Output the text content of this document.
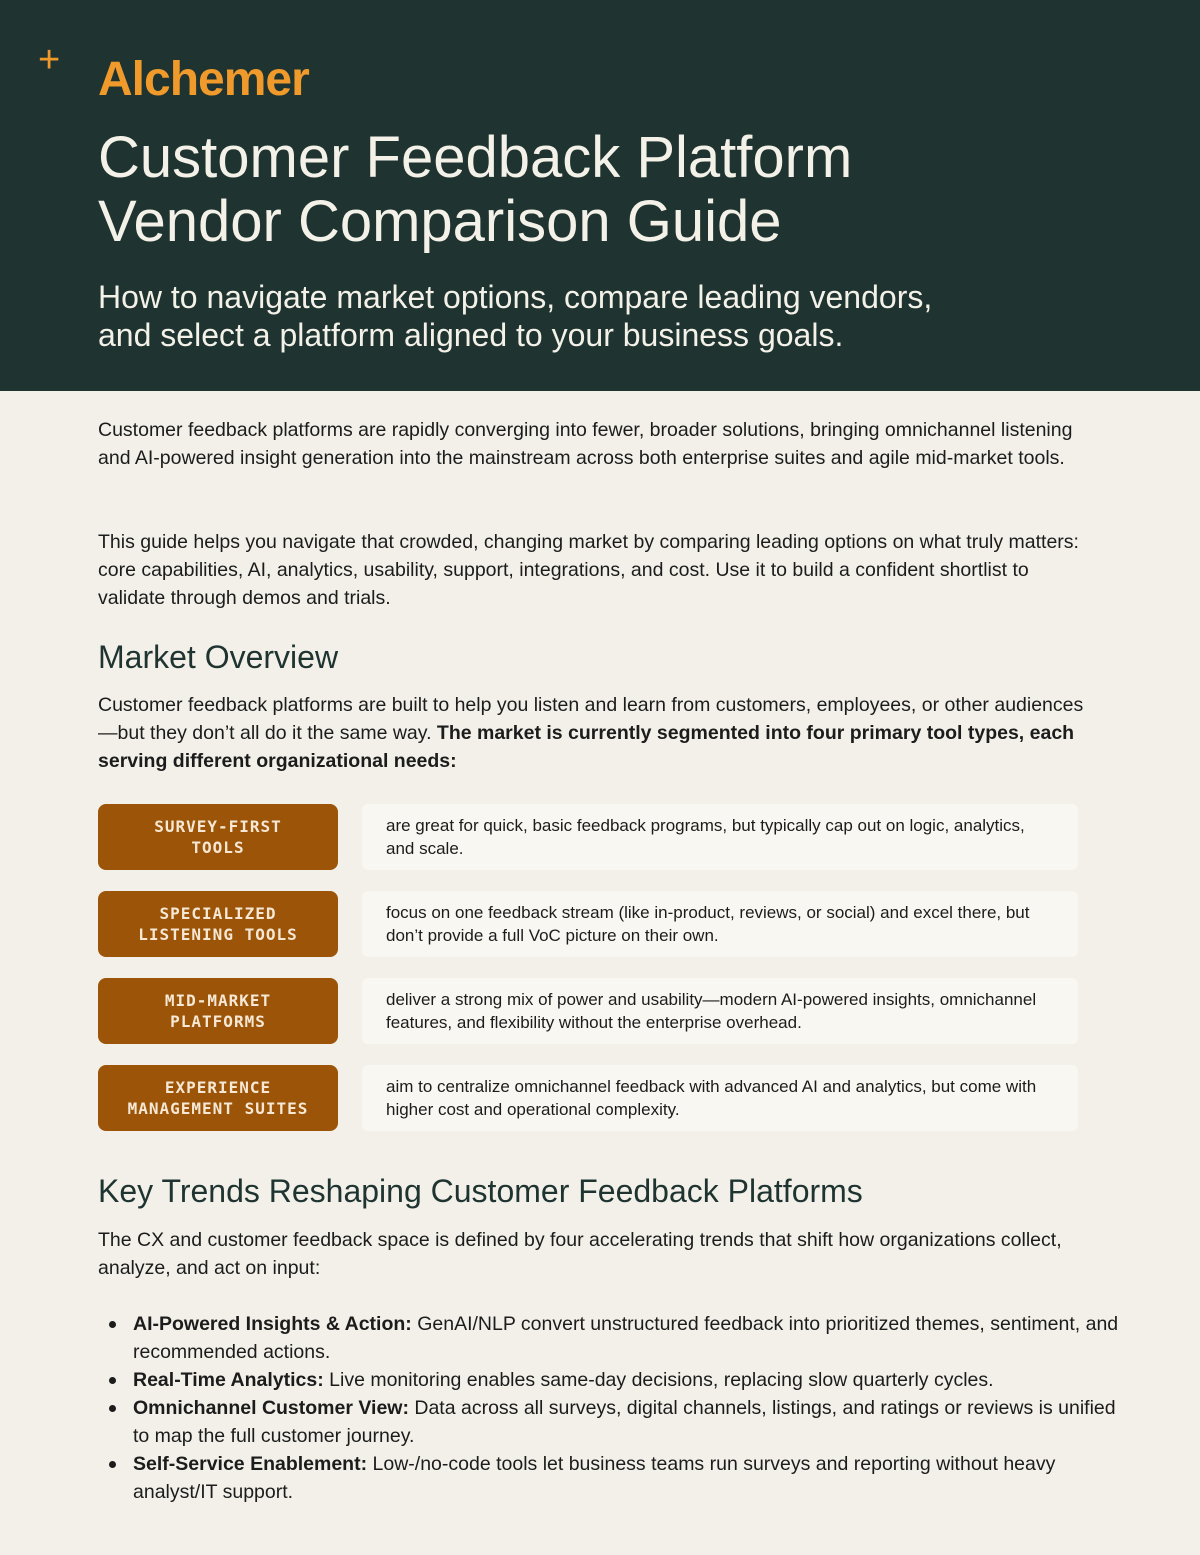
+ Alchemer
Customer Feedback Platform
Vendor Comparison Guide

How to navigate market options, compare leading vendors,
and select a platform aligned to your business goals.

Customer feedback platforms are rapidly converging into fewer, broader solutions, bringing omnichannel listening and AI-powered insight generation into the mainstream across both enterprise suites and agile mid-market tools.

This guide helps you navigate that crowded, changing market by comparing leading options on what truly matters: core capabilities, AI, analytics, usability, support, integrations, and cost. Use it to build a confident shortlist to validate through demos and trials.

Market Overview

Customer feedback platforms are built to help you listen and learn from customers, employees, or other audiences—but they don’t all do it the same way. The market is currently segmented into four primary tool types, each serving different organizational needs:

SURVEY-FIRST
TOOLS
are great for quick, basic feedback programs, but typically cap out on logic, analytics, and scale.
SPECIALIZED
LISTENING TOOLS
focus on one feedback stream (like in-product, reviews, or social) and excel there, but don’t provide a full VoC picture on their own.
MID-MARKET
PLATFORMS
deliver a strong mix of power and usability—modern AI-powered insights, omnichannel features, and flexibility without the enterprise overhead.
EXPERIENCE
MANAGEMENT SUITES
aim to centralize omnichannel feedback with advanced AI and analytics, but come with higher cost and operational complexity.
Key Trends Reshaping Customer Feedback Platforms

The CX and customer feedback space is defined by four accelerating trends that shift how organizations collect, analyze, and act on input:

AI-Powered Insights & Action: GenAI/NLP convert unstructured feedback into prioritized themes, sentiment, and recommended actions.
Real-Time Analytics: Live monitoring enables same-day decisions, replacing slow quarterly cycles.
Omnichannel Customer View: Data across all surveys, digital channels, listings, and ratings or reviews is unified to map the full customer journey.
Self-Service Enablement: Low-/no-code tools let business teams run surveys and reporting without heavy analyst/IT support.
